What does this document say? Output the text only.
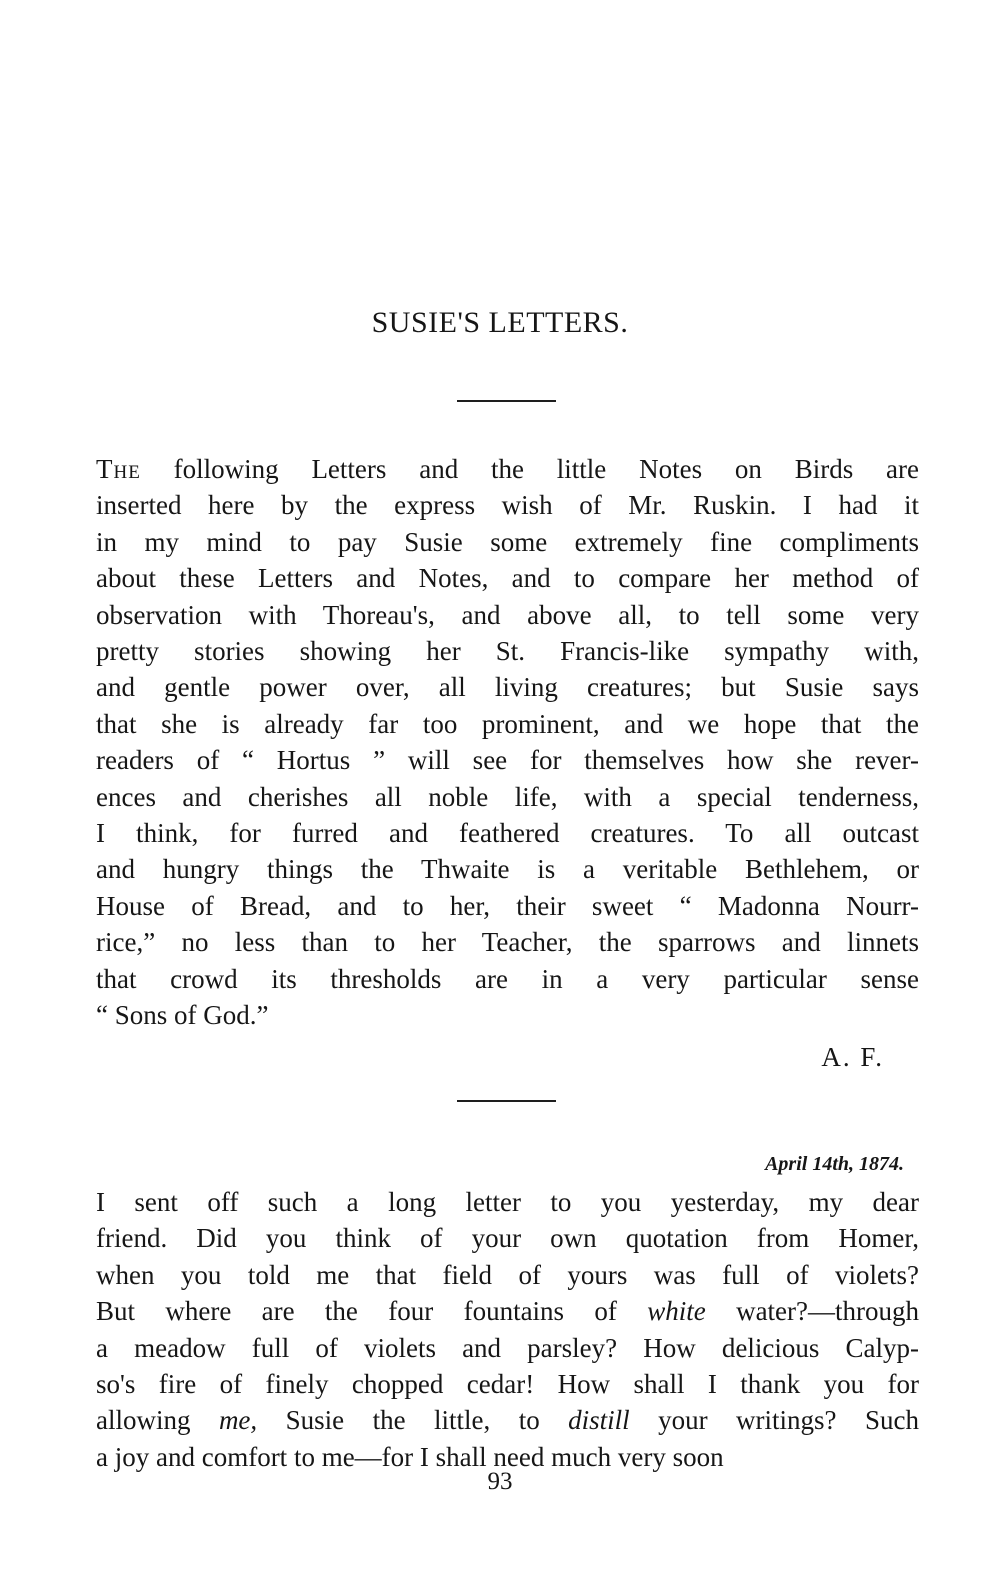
SUSIE'S LETTERS.
The following Letters and the little Notes on Birds are
inserted here by the express wish of Mr. Ruskin. I had it
in my mind to pay Susie some extremely fine compliments
about these Letters and Notes, and to compare her method of
observation with Thoreau's, and above all, to tell some very
pretty stories showing her St. Francis-like sympathy with,
and gentle power over, all living creatures; but Susie says
that she is already far too prominent, and we hope that the
readers of “ Hortus ” will see for themselves how she rever-
ences and cherishes all noble life, with a special tenderness,
I think, for furred and feathered creatures. To all outcast
and hungry things the Thwaite is a veritable Bethlehem, or
House of Bread, and to her, their sweet “ Madonna Nourr-
rice,” no less than to her Teacher, the sparrows and linnets
that crowd its thresholds are in a very particular sense
“ Sons of God.”
A. F.
April 14th, 1874.
I sent off such a long letter to you yesterday, my dear
friend. Did you think of your own quotation from Homer,
when you told me that field of yours was full of violets?
But where are the four fountains of white water?—through
a meadow full of violets and parsley? How delicious Calyp-
so's fire of finely chopped cedar! How shall I thank you for
allowing me, Susie the little, to distill your writings? Such
a joy and comfort to me—for I shall need much very soon
93
